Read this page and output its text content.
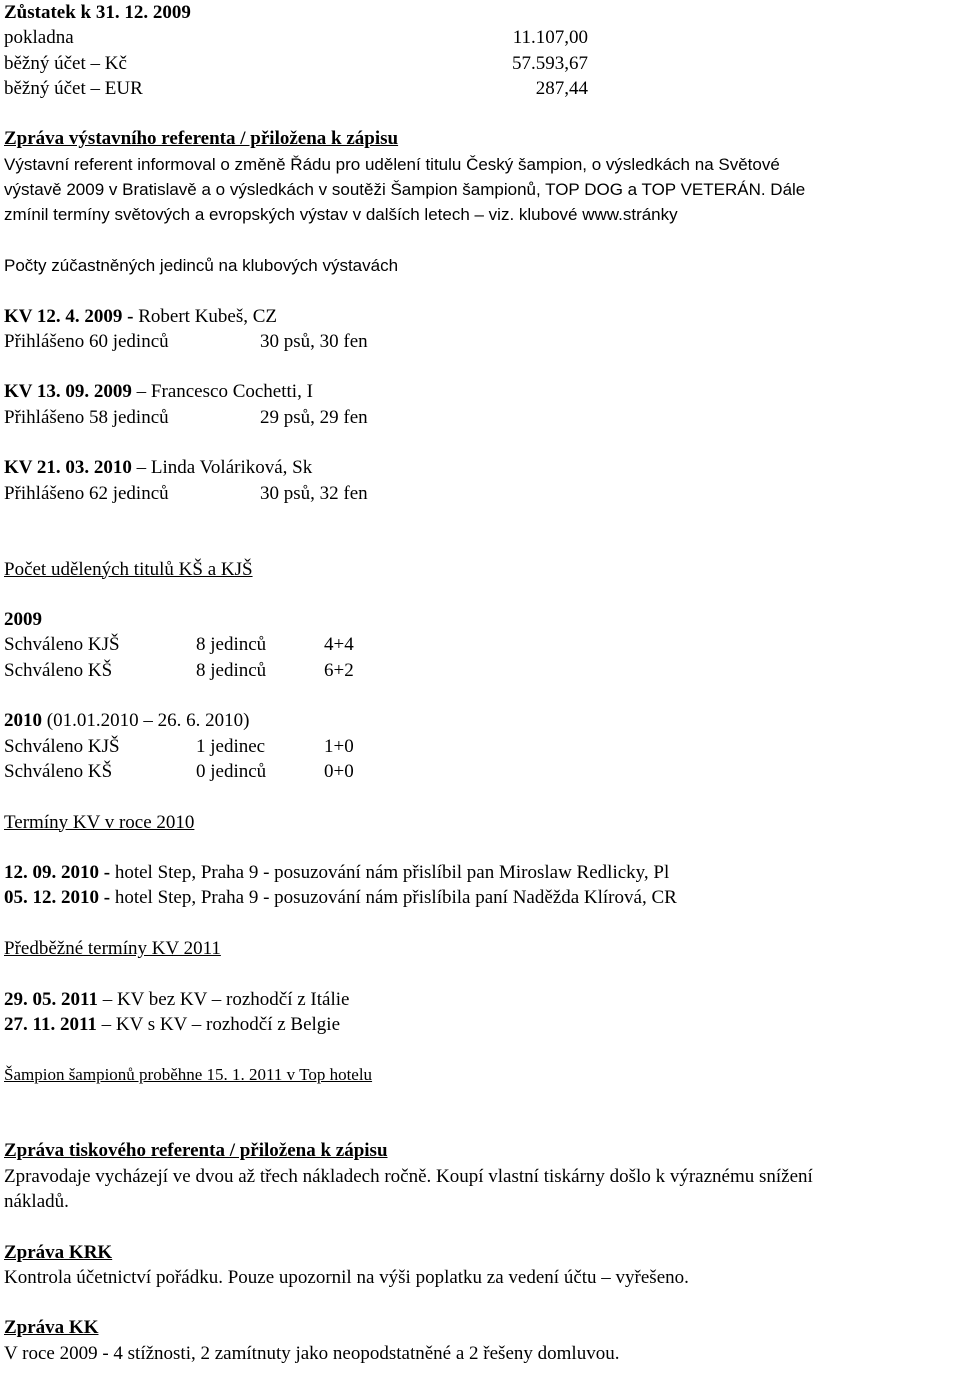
Zůstatek k 31. 12. 2009
pokladna	11.107,00
běžný účet – Kč	57.593,67
běžný účet – EUR	287,44
Zpráva výstavního referenta / přiložena k zápisu
Výstavní referent informoval o změně Řádu pro udělení titulu Český šampion, o výsledkách na Světové
výstavě 2009 v Bratislavě a o výsledkách v soutěži Šampion šampionů, TOP DOG a TOP VETERÁN. Dále
zmínil termíny světových a evropských výstav v dalších letech – viz. klubové www.stránky
Počty zúčastněných jedinců na klubových výstavách
KV 12. 4. 2009 - Robert Kubeš, CZ
Přihlášeno 60 jedinců	30 psů, 30 fen
KV 13. 09. 2009 – Francesco Cochetti, I
Přihlášeno 58 jedinců	29 psů, 29 fen
KV 21. 03. 2010 – Linda Voláriková, Sk
Přihlášeno 62 jedinců	30 psů, 32 fen
Počet udělených titulů KŠ a KJŠ
2009
Schváleno KJŠ	8 jedinců	4+4
Schváleno KŠ	8 jedinců	6+2
2010 (01.01.2010 – 26. 6. 2010)
Schváleno KJŠ	1 jedinec	1+0
Schváleno KŠ	0 jedinců	0+0
Termíny KV v roce 2010
12. 09. 2010 - hotel Step, Praha 9 - posuzování nám přislíbil pan Miroslaw Redlicky, Pl
05. 12. 2010 - hotel Step, Praha 9 - posuzování nám přislíbila paní Naděžda Klírová, CR
Předběžné termíny KV 2011
29. 05. 2011 – KV bez KV – rozhodčí z Itálie
27. 11. 2011 – KV s KV – rozhodčí z Belgie
Šampion šampionů proběhne 15. 1. 2011 v Top hotelu
Zpráva tiskového referenta / přiložena k zápisu
Zpravodaje vycházejí ve dvou až třech nákladech ročně. Koupí vlastní tiskárny došlo k výraznému snížení
nákladů.
Zpráva KRK
Kontrola účetnictví pořádku. Pouze upozornil na výši poplatku za vedení účtu – vyřešeno.
Zpráva KK
V roce 2009 - 4 stížnosti, 2 zamítnuty jako neopodstatněné a 2 řešeny domluvou.
